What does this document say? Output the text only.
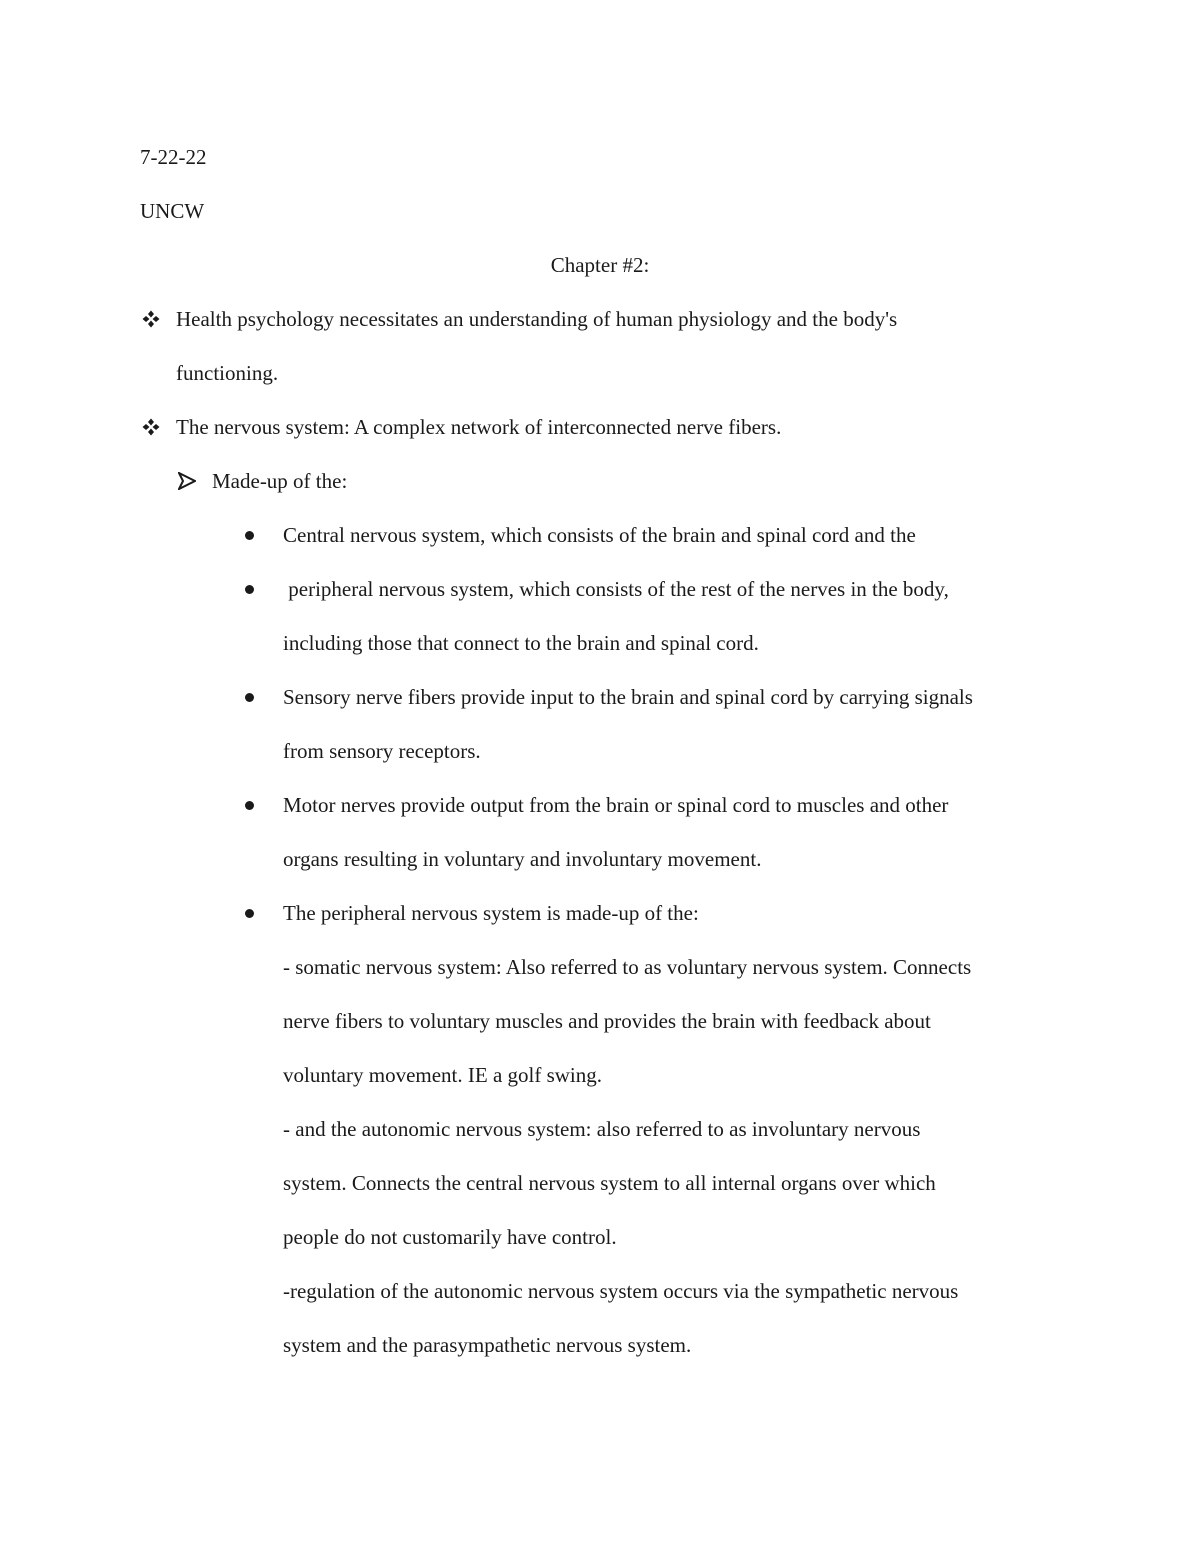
7-22-22
UNCW
Chapter #2:
Health psychology necessitates an understanding of human physiology and the body's
functioning.
The nervous system: A complex network of interconnected nerve fibers.
Made-up of the:
Central nervous system, which consists of the brain and spinal cord and the
peripheral nervous system, which consists of the rest of the nerves in the body,
including those that connect to the brain and spinal cord.
Sensory nerve fibers provide input to the brain and spinal cord by carrying signals
from sensory receptors.
Motor nerves provide output from the brain or spinal cord to muscles and other
organs resulting in voluntary and involuntary movement.
The peripheral nervous system is made-up of the:
- somatic nervous system: Also referred to as voluntary nervous system. Connects
nerve fibers to voluntary muscles and provides the brain with feedback about
voluntary movement. IE a golf swing.
- and the autonomic nervous system: also referred to as involuntary nervous
system. Connects the central nervous system to all internal organs over which
people do not customarily have control.
-regulation of the autonomic nervous system occurs via the sympathetic nervous
system and the parasympathetic nervous system.
